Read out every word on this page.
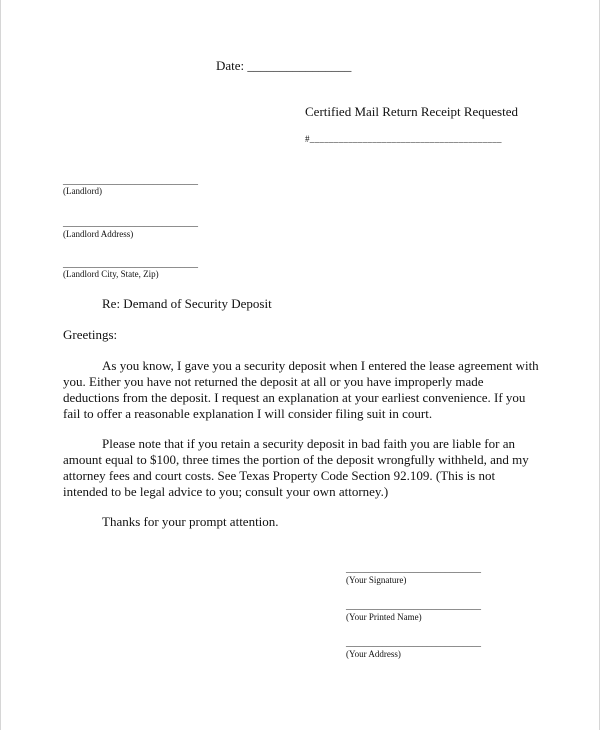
Date: ________________
Certified Mail Return Receipt Requested
#________________________________________
______________________________
(Landlord)
______________________________
(Landlord Address)
______________________________
(Landlord City, State, Zip)
Re: Demand of Security Deposit
Greetings:

As you know, I gave you a security deposit when I entered the lease agreement with you. Either you have not returned the deposit at all or you have improperly made deductions from the deposit. I request an explanation at your earliest convenience. If you fail to offer a reasonable explanation I will consider filing suit in court.

Please note that if you retain a security deposit in bad faith you are liable for an amount equal to $100, three times the portion of the deposit wrongfully withheld, and my attorney fees and court costs. See Texas Property Code Section 92.109. (This is not intended to be legal advice to you; consult your own attorney.)

Thanks for your prompt attention.
______________________________
(Your Signature)
______________________________
(Your Printed Name)
______________________________
(Your Address)
